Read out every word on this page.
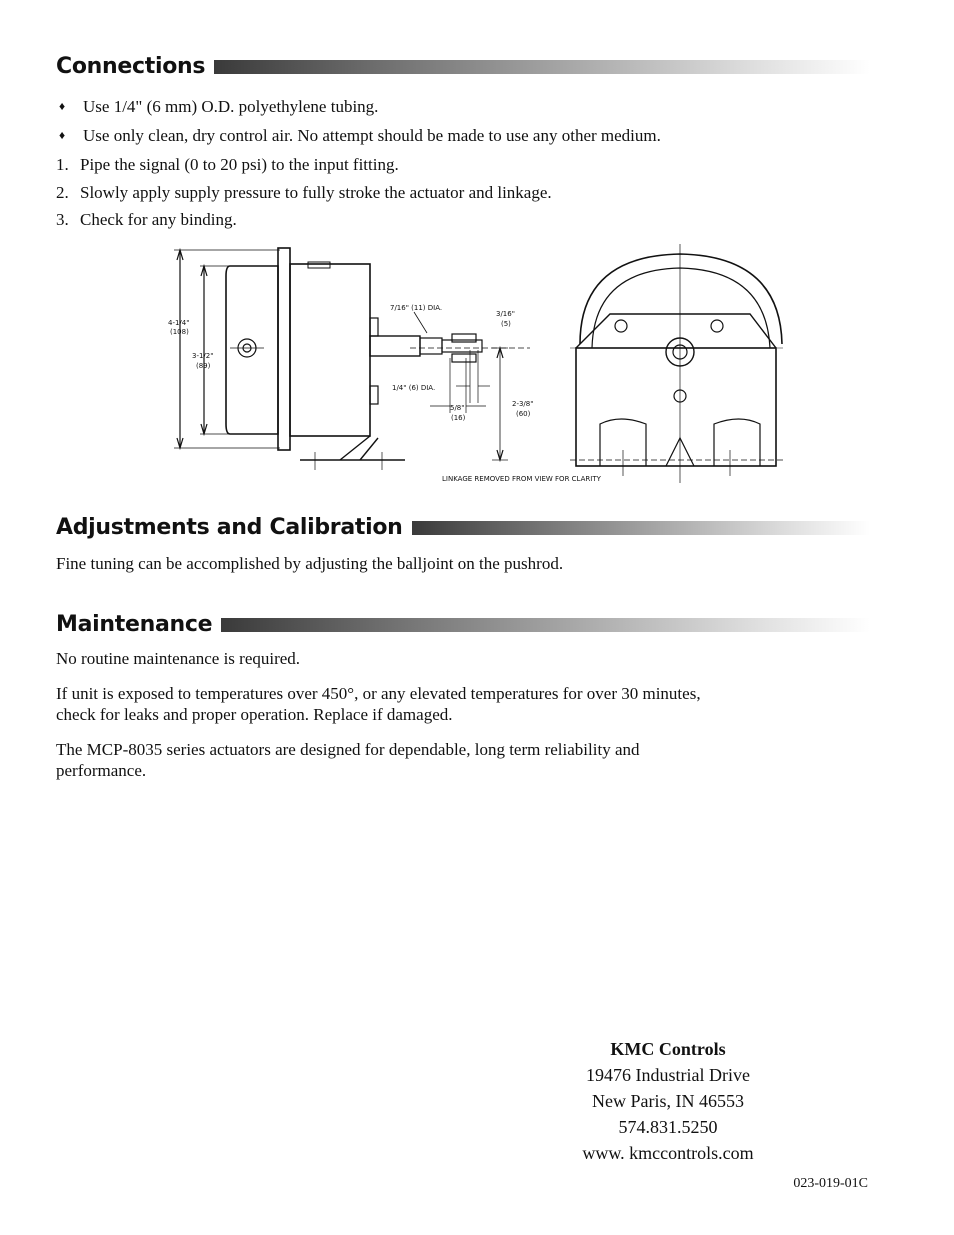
Connections
♦	Use 1/4" (6 mm) O.D. polyethylene tubing.
♦	Use only clean, dry control air. No attempt should be made to use any other medium.
1. Pipe the signal (0 to 20 psi) to the input fitting.
2. Slowly apply supply pressure to fully stroke the actuator and linkage.
3. Check for any binding.
4-1/4"
(108)
3-1/2"
(89)
7/16" (11) DIA.
3/16"
(5)
1/4" (6) DIA.
5/8"
(16)
2-3/8"
(60)
LINKAGE REMOVED FROM VIEW FOR CLARITY
Adjustments and Calibration
Fine tuning can be accomplished by adjusting the balljoint on the pushrod.
Maintenance
No routine maintenance is required.
If unit is exposed to temperatures over 450°, or any elevated temperatures for over 30 minutes, check for leaks and proper operation. Replace if damaged.
The MCP-8035 series actuators are designed for dependable, long term reliability and performance.
KMC Controls
19476 Industrial Drive
New Paris, IN 46553
574.831.5250
www. kmccontrols.com
023-019-01C
